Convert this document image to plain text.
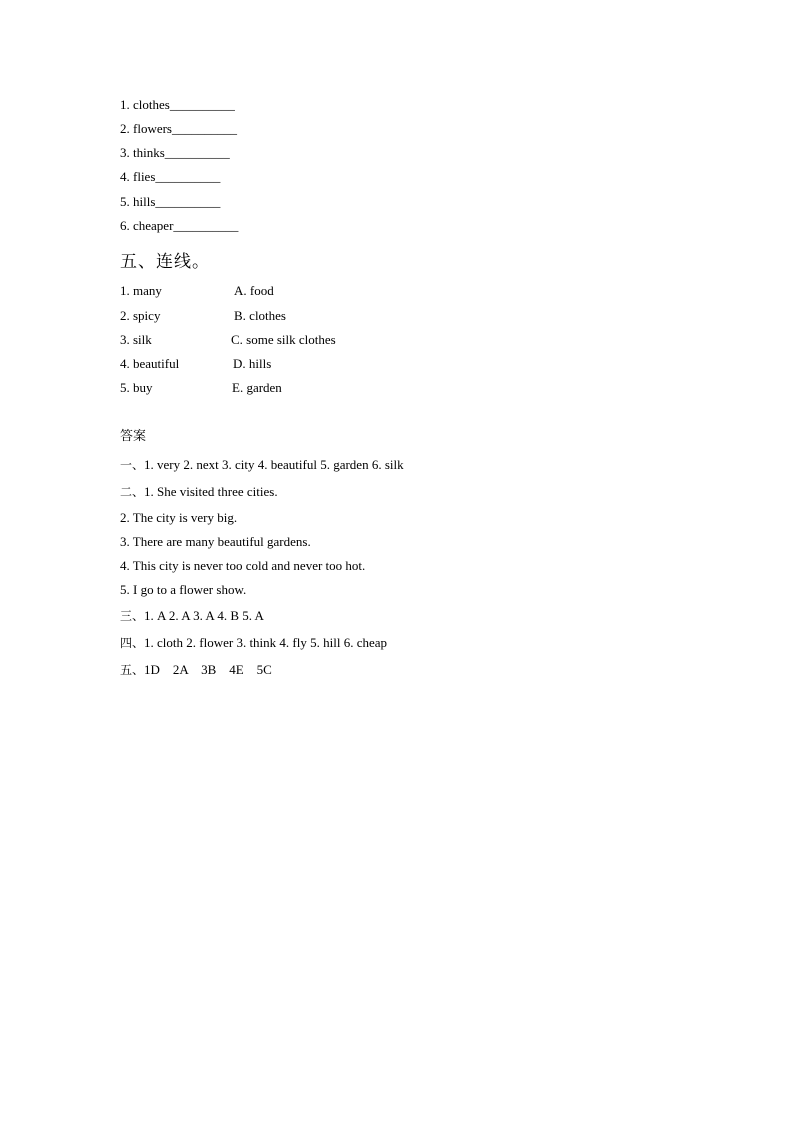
1. clothes__________
2. flowers__________
3. thinks__________
4. flies__________
5. hills__________
6. cheaper__________
五、连线。
1. many	A. food
2. spicy	B. clothes
3. silk	C. some silk clothes
4. beautiful	D. hills
5. buy	E. garden
答案
一、1. very 2. next 3. city 4. beautiful 5. garden 6. silk
二、1. She visited three cities.
2. The city is very big.
3. There are many beautiful gardens.
4. This city is never too cold and never too hot.
5. I go to a flower show.
三、1. A 2. A 3. A 4. B 5. A
四、1. cloth 2. flower 3. think 4. fly 5. hill 6. cheap
五、1D    2A    3B    4E    5C
